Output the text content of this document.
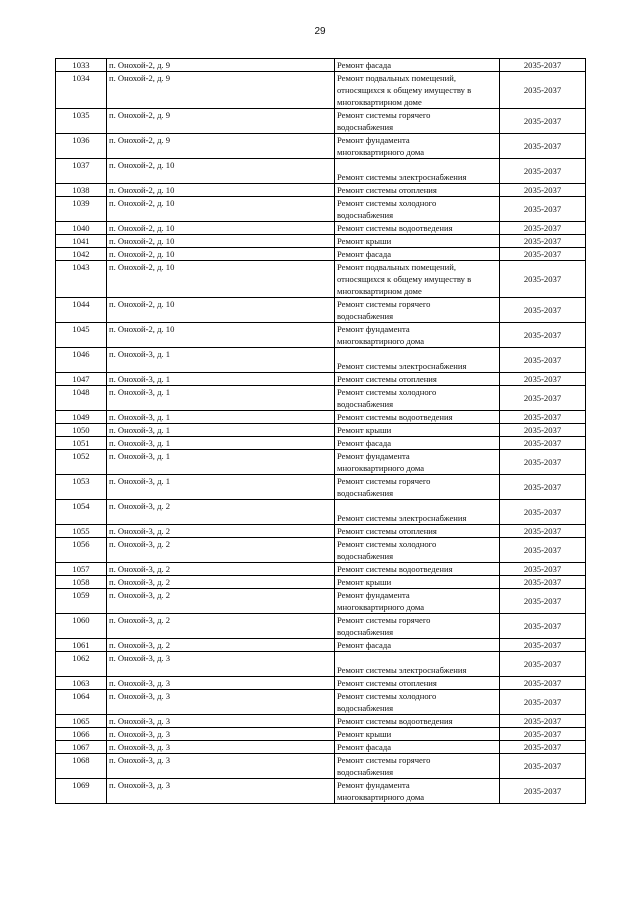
29
1033	п. Онохой-2, д. 9	Ремонт фасада	2035-2037
1034	п. Онохой-2, д. 9	Ремонт подвальных помещений,
относящихся к общему имуществу в
многоквартирном доме	2035-2037
1035	п. Онохой-2, д. 9	Ремонт системы горячего
водоснабжения	2035-2037
1036	п. Онохой-2, д. 9	Ремонт фундамента
многоквартирного дома	2035-2037
1037	п. Онохой-2, д. 10	Ремонт системы электроснабжения	2035-2037
1038	п. Онохой-2, д. 10	Ремонт системы отопления	2035-2037
1039	п. Онохой-2, д. 10	Ремонт системы холодного
водоснабжения	2035-2037
1040	п. Онохой-2, д. 10	Ремонт системы водоотведения	2035-2037
1041	п. Онохой-2, д. 10	Ремонт крыши	2035-2037
1042	п. Онохой-2, д. 10	Ремонт фасада	2035-2037
1043	п. Онохой-2, д. 10	Ремонт подвальных помещений,
относящихся к общему имуществу в
многоквартирном доме	2035-2037
1044	п. Онохой-2, д. 10	Ремонт системы горячего
водоснабжения	2035-2037
1045	п. Онохой-2, д. 10	Ремонт фундамента
многоквартирного дома	2035-2037
1046	п. Онохой-3, д. 1	Ремонт системы электроснабжения	2035-2037
1047	п. Онохой-3, д. 1	Ремонт системы отопления	2035-2037
1048	п. Онохой-3, д. 1	Ремонт системы холодного
водоснабжения	2035-2037
1049	п. Онохой-3, д. 1	Ремонт системы водоотведения	2035-2037
1050	п. Онохой-3, д. 1	Ремонт крыши	2035-2037
1051	п. Онохой-3, д. 1	Ремонт фасада	2035-2037
1052	п. Онохой-3, д. 1	Ремонт фундамента
многоквартирного дома	2035-2037
1053	п. Онохой-3, д. 1	Ремонт системы горячего
водоснабжения	2035-2037
1054	п. Онохой-3, д. 2	Ремонт системы электроснабжения	2035-2037
1055	п. Онохой-3, д. 2	Ремонт системы отопления	2035-2037
1056	п. Онохой-3, д. 2	Ремонт системы холодного
водоснабжения	2035-2037
1057	п. Онохой-3, д. 2	Ремонт системы водоотведения	2035-2037
1058	п. Онохой-3, д. 2	Ремонт крыши	2035-2037
1059	п. Онохой-3, д. 2	Ремонт фундамента
многоквартирного дома	2035-2037
1060	п. Онохой-3, д. 2	Ремонт системы горячего
водоснабжения	2035-2037
1061	п. Онохой-3, д. 2	Ремонт фасада	2035-2037
1062	п. Онохой-3, д. 3	Ремонт системы электроснабжения	2035-2037
1063	п. Онохой-3, д. 3	Ремонт системы отопления	2035-2037
1064	п. Онохой-3, д. 3	Ремонт системы холодного
водоснабжения	2035-2037
1065	п. Онохой-3, д. 3	Ремонт системы водоотведения	2035-2037
1066	п. Онохой-3, д. 3	Ремонт крыши	2035-2037
1067	п. Онохой-3, д. 3	Ремонт фасада	2035-2037
1068	п. Онохой-3, д. 3	Ремонт системы горячего
водоснабжения	2035-2037
1069	п. Онохой-3, д. 3	Ремонт фундамента
многоквартирного дома	2035-2037
